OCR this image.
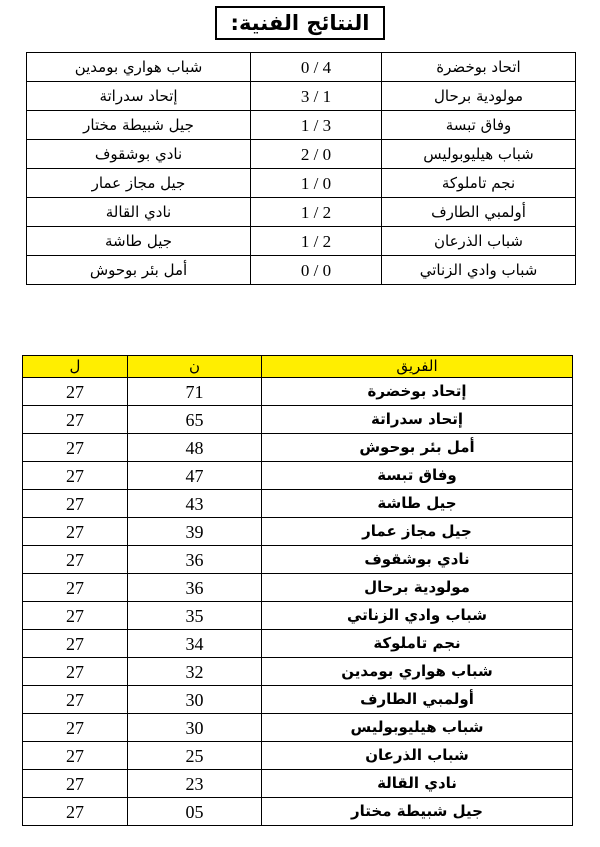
النتائج الفنية:
شباب هواري بومدين	0 / 4	اتحاد بوخضرة
إتحاد سدراتة	3 / 1	مولودية برحال
جيل شبيطة مختار	1 / 3	وفاق تبسة
نادي بوشقوف	2 / 0	شباب هيليوبوليس
جيل مجاز عمار	1 / 0	نجم تاملوكة
نادي القالة	1 / 2	أولمبي الطارف
جيل طاشة	1 / 2	شباب الذرعان
أمل بئر بوحوش	0 / 0	شباب وادي الزناتي
ل	ن	الفريق
27	71	إتحاد بوخضرة
27	65	إتحاد سدراتة
27	48	أمل بئر بوحوش
27	47	وفاق تبسة
27	43	جيل طاشة
27	39	جيل مجاز عمار
27	36	نادي بوشقوف
27	36	مولودية برحال
27	35	شباب وادي الزناتي
27	34	نجم تاملوكة
27	32	شباب هواري بومدين
27	30	أولمبي الطارف
27	30	شباب هيليوبوليس
27	25	شباب الذرعان
27	23	نادي القالة
27	05	جيل شبيطة مختار
